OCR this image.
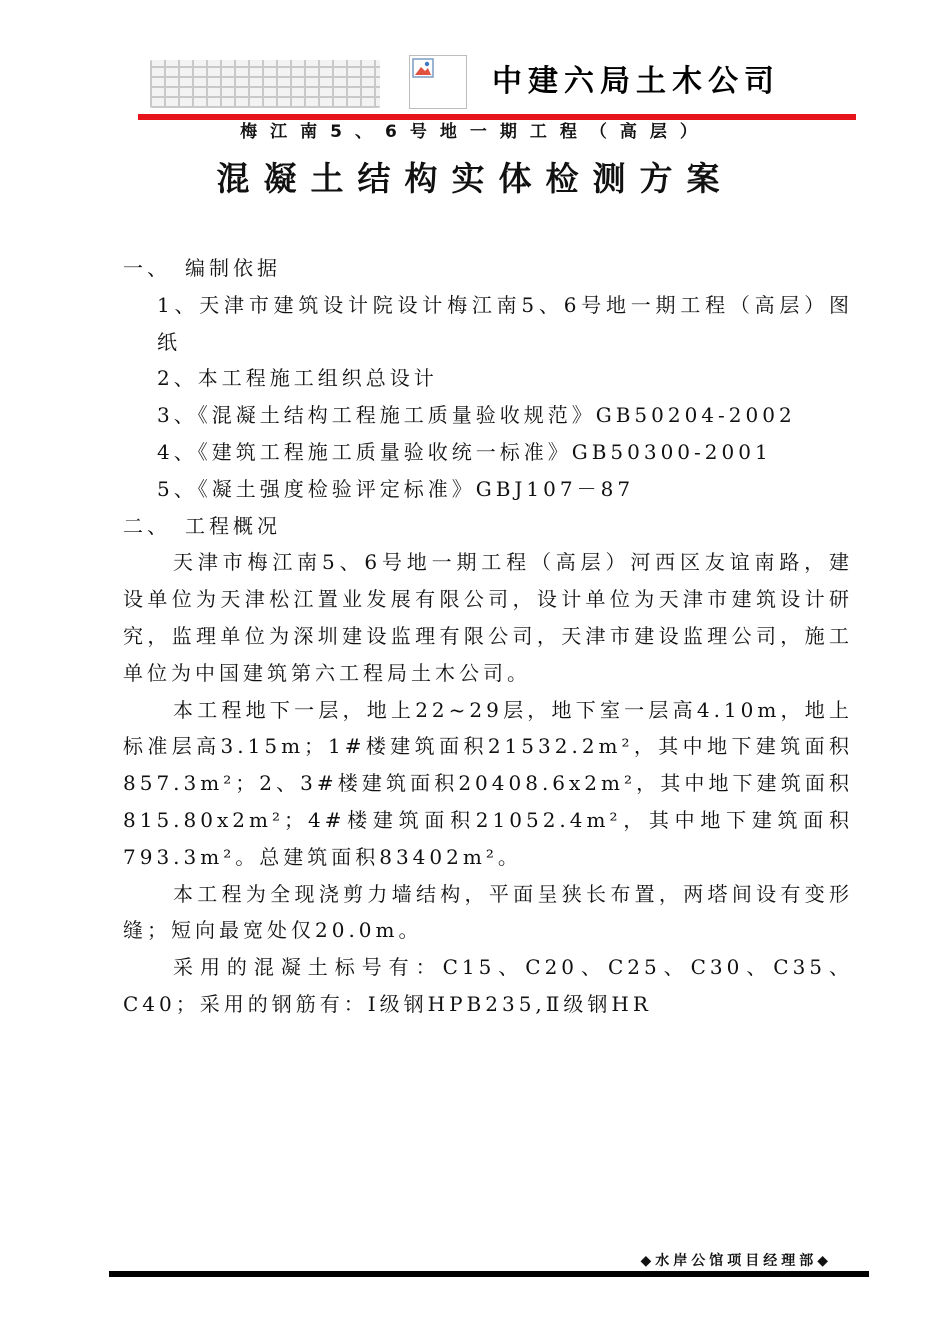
中建六局土木公司
梅江南5、6号地一期工程（高层）
混凝土结构实体检测方案

一、　编制依据

1、天津市建筑设计院设计梅江南5、6号地一期工程（高层）图纸

2、本工程施工组织总设计

3、《混凝土结构工程施工质量验收规范》GB50204-2002

4、《建筑工程施工质量验收统一标准》GB50300-2001

5、《凝土强度检验评定标准》GBJ107－87

二、　工程概况

天津市梅江南5、6号地一期工程（高层）河西区友谊南路，建设单位为天津松江置业发展有限公司，设计单位为天津市建筑设计研究，监理单位为深圳建设监理有限公司，天津市建设监理公司，施工单位为中国建筑第六工程局土木公司。

本工程地下一层，地上22~29层，地下室一层高4.10m，地上标准层高3.15m；1#楼建筑面积21532.2m²，其中地下建筑面积857.3m²；2、3#楼建筑面积20408.6x2m²，其中地下建筑面积815.80x2m²；4#楼建筑面积21052.4m²，其中地下建筑面积793.3m²。总建筑面积83402m²。

本工程为全现浇剪力墙结构，平面呈狭长布置，两塔间设有变形缝；短向最宽处仅20.0m。

采用的混凝土标号有：C15、C20、C25、C30、C35、C40；采用的钢筋有：Ⅰ级钢HPB235,Ⅱ级钢HR

◆水岸公馆项目经理部◆
